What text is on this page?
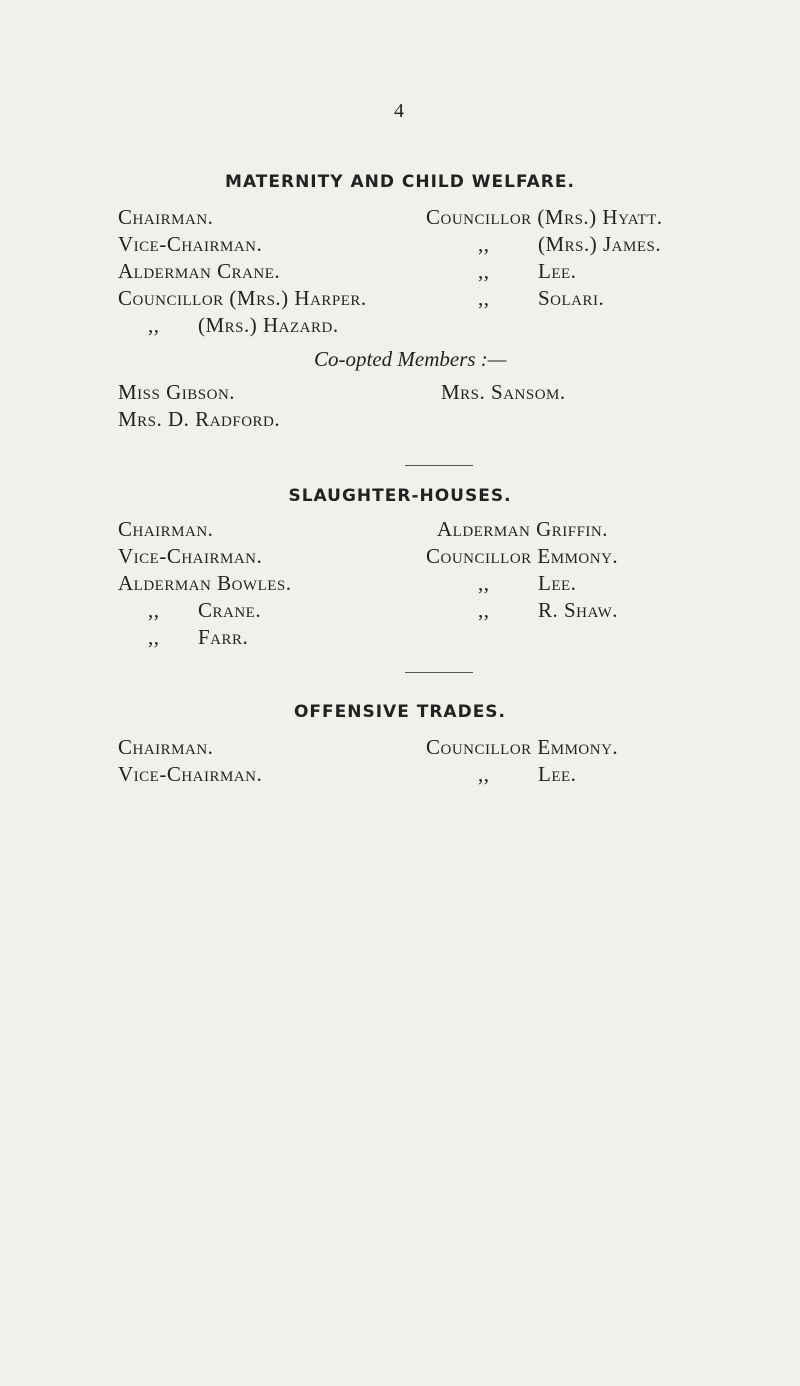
4
MATERNITY AND CHILD WELFARE.
Chairman.
Vice-Chairman.
Alderman Crane.
Councillor (Mrs.) Harper.
,, (Mrs.) Hazard.
Councillor (Mrs.) Hyatt.
,, (Mrs.) James.
,, Lee.
,, Solari.
Co-opted Members :—
Miss Gibson.
Mrs. D. Radford.
Mrs. Sansom.
SLAUGHTER-HOUSES.
Chairman.
Vice-Chairman.
Alderman Bowles.
,, Crane.
,, Farr.
Alderman Griffin.
Councillor Emmony.
,, Lee.
,, R. Shaw.
OFFENSIVE TRADES.
Chairman.
Vice-Chairman.
Councillor Emmony.
,, Lee.
